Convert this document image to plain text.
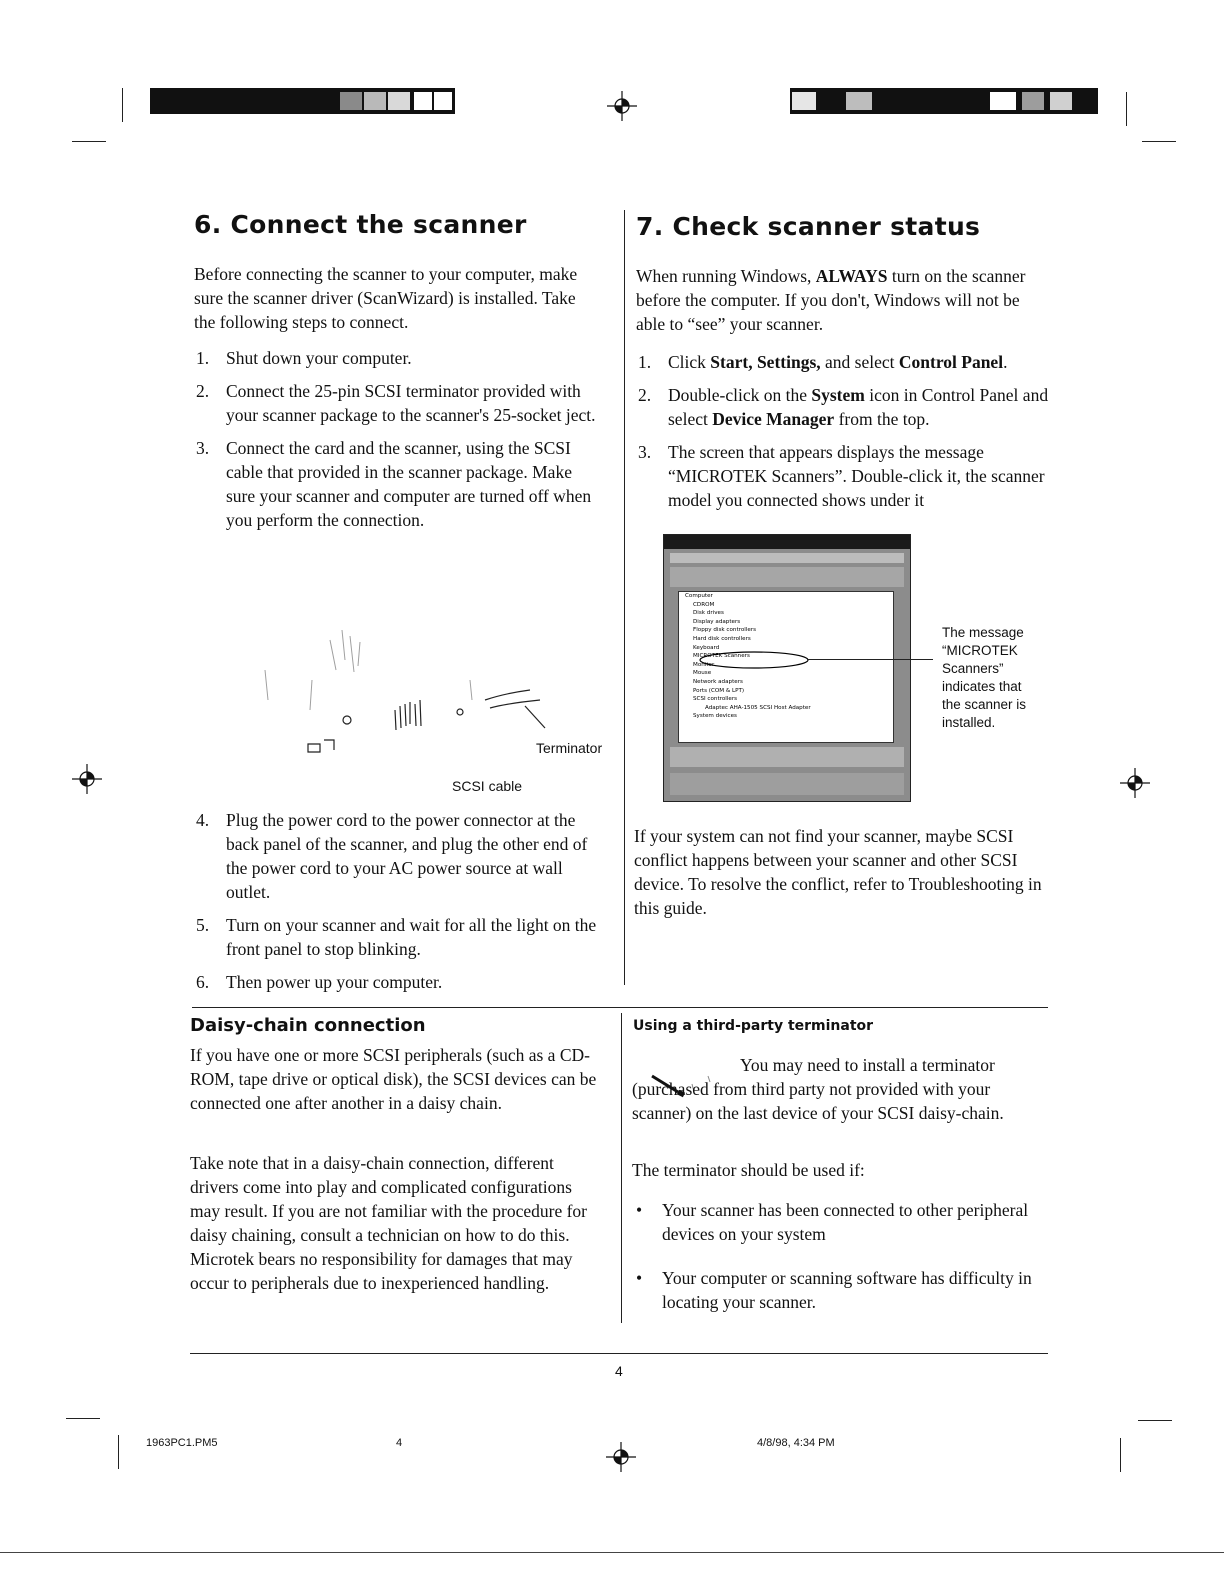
6. Connect the scanner

Before connecting the scanner to your computer, make sure the scanner driver (ScanWizard) is installed. Take the following steps to connect.

1. Shut down your computer.
2. Connect the 25-pin SCSI terminator provided with your scanner package to the scanner's 25-socket ject.
3. Connect the card and the scanner, using the SCSI cable that provided in the scanner package. Make sure your scanner and computer are turned off when you perform the connection.
Terminator
SCSI cable
4. Plug the power cord to the power connector at the back panel of the scanner, and plug the other end of the power cord to your AC power source at wall outlet.
5. Turn on your scanner and wait for all the light on the front panel to stop blinking.
6. Then power up your computer.
7. Check scanner status

When running Windows, ALWAYS turn on the scanner before the computer. If you don't, Windows will not be able to “see” your scanner.

1. Click Start, Settings, and select Control Panel.
2. Double-click on the System icon in Control Panel and select Device Manager from the top.
3. The screen that appears displays the message “MICROTEK Scanners”. Double-click it, the scanner model you connected shows under it
Computer
CDROM
Disk drives
Display adapters
Floppy disk controllers
Hard disk controllers
Keyboard
MICROTEK Scanners
Monitor
Mouse
Network adapters
Ports (COM & LPT)
SCSI controllers
Adaptec AHA-1505 SCSI Host Adapter
System devices
The message “MICROTEK Scanners” indicates that the scanner is installed.

If your system can not find your scanner, maybe SCSI conflict happens between your scanner and other SCSI device. To resolve the conflict, refer to Troubleshooting in this guide.

Daisy-chain connection

If you have one or more SCSI peripherals (such as a CD-ROM, tape drive or optical disk), the SCSI devices can be connected one after another in a daisy chain.

Take note that in a daisy-chain connection, different drivers come into play and complicated configurations may result. If you are not familiar with the procedure for daisy chaining, consult a technician on how to do this. Microtek bears no responsibility for damages that may occur to peripherals due to inexperienced handling.

Using a third-party terminator

You may need to install a terminator (purchased from third party not provided with your scanner) on the last device of your SCSI daisy-chain.

The terminator should be used if:

• Your scanner has been connected to other peripheral devices on your system
• Your computer or scanning software has difficulty in locating your scanner.
4
1963PC1.PM5	4	4/8/98, 4:34 PM
